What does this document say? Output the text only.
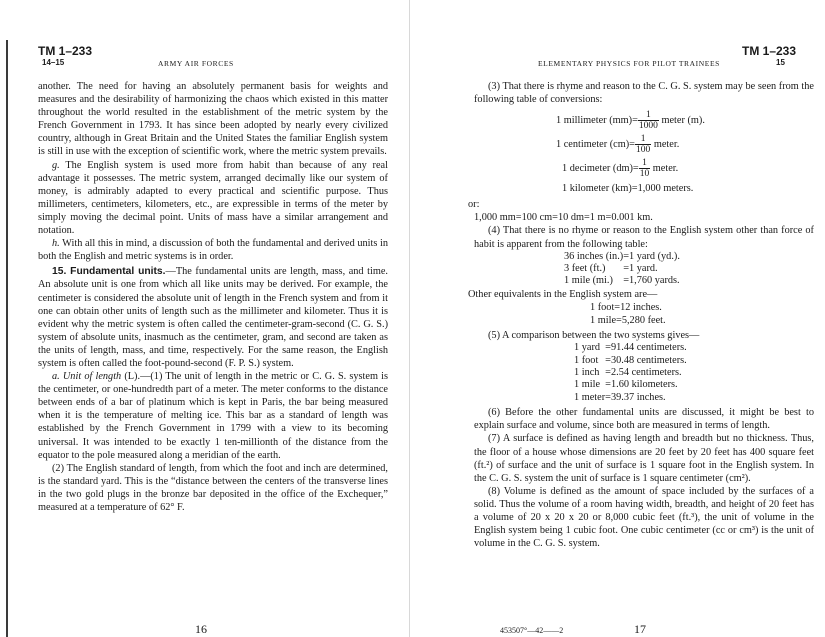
TM 1–233
14–15	ARMY AIR FORCES

another. The need for having an absolutely permanent basis for weights and measures and the desirability of harmonizing the chaos which existed in this matter throughout the world resulted in the establishment of the metric system by the French Government in 1793. It has since been adopted by nearly every civilized country, although in Great Britain and the United States the familiar English system is still in use with the exception of scientific work, where the metric system prevails.

g. The English system is used more from habit than because of any real advantage it possesses. The metric system, arranged decimally like our system of money, is admirably adapted to every practical and scientific purpose. Thus millimeters, centimeters, kilometers, etc., are expressible in terms of the meter by simply moving the decimal point. Units of mass have a similar arrangement and notation.

h. With all this in mind, a discussion of both the fundamental and derived units in both the English and metric systems is in order.

15. Fundamental units.—The fundamental units are length, mass, and time. An absolute unit is one from which all like units may be derived. For example, the centimeter is considered the absolute unit of length in the French system and from it one can obtain other units of length such as the millimeter and kilometer. Thus it is evident why the metric system is often called the centimeter-gram-second (C. G. S.) system of absolute units, inasmuch as the centimeter, gram, and second are taken as the units of length, mass, and time, respectively. For the same reason, the English system is often called the foot-pound-second (F. P. S.) system.

a. Unit of length (L).—(1) The unit of length in the metric or C. G. S. system is the centimeter, or one-hundredth part of a meter. The meter conforms to the distance between ends of a bar of platinum which is kept in Paris, the bar being measured when it is the temperature of melting ice. This bar as a standard of length was established by the French Government in 1799 with a view to its becoming universal. It was intended to be exactly 1 ten-millionth of the distance from the equator to the pole measured along a meridian of the earth.

(2) The English standard of length, from which the foot and inch are determined, is the standard yard. This is the “distance between the centers of the transverse lines in the two gold plugs in the bronze bar deposited in the office of the Exchequer,” measured at a temperature of 62° F.

16
TM 1–233
ELEMENTARY PHYSICS FOR PILOT TRAINEES	15

(3) That there is rhyme and reason to the C. G. S. system may be seen from the following table of conversions:

1 millimeter $(mm)= \frac{1}{1000}$ meter (m).
1 centimeter $(cm)= \frac{1}{100}$ meter.
1 decimeter $(dm)= \frac{1}{10}$ meter.
1 kilometer (km)=1,000 meters.

or:

1,000 mm=100 cm=10 dm=1 m=0.001 km.

(4) That there is no rhyme or reason to the English system other than force of habit is apparent from the following table:

36 inches (in.)	=1 yard (yd.).
3 feet (ft.)	=1 yard.
1 mile (mi.)	=1,760 yards.

Other equivalents in the English system are—

1 foot=12 inches.

1 mile=5,280 feet.

(5) A comparison between the two systems gives—

1 yard	=91.44 centimeters.
1 foot	=30.48 centimeters.
1 inch	=2.54 centimeters.
1 mile	=1.60 kilometers.
1 meter	=39.37 inches.

(6) Before the other fundamental units are discussed, it might be best to explain surface and volume, since both are measured in terms of length.

(7) A surface is defined as having length and breadth but no thickness. Thus, the floor of a house whose dimensions are 20 feet by 20 feet has 400 square feet (ft.²) of surface and the unit of surface is 1 square foot in the English system. In the C. G. S. system the unit of surface is 1 square centimeter (cm²).

(8) Volume is defined as the amount of space included by the surfaces of a solid. Thus the volume of a room having width, breadth, and height of 20 feet has a volume of 20 x 20 x 20 or 8,000 cubic feet (ft.³), the unit of volume in the English system being 1 cubic foot. One cubic centimeter (cc or cm³) is the unit of volume in the C. G. S. system.

453507°—42——2	17
